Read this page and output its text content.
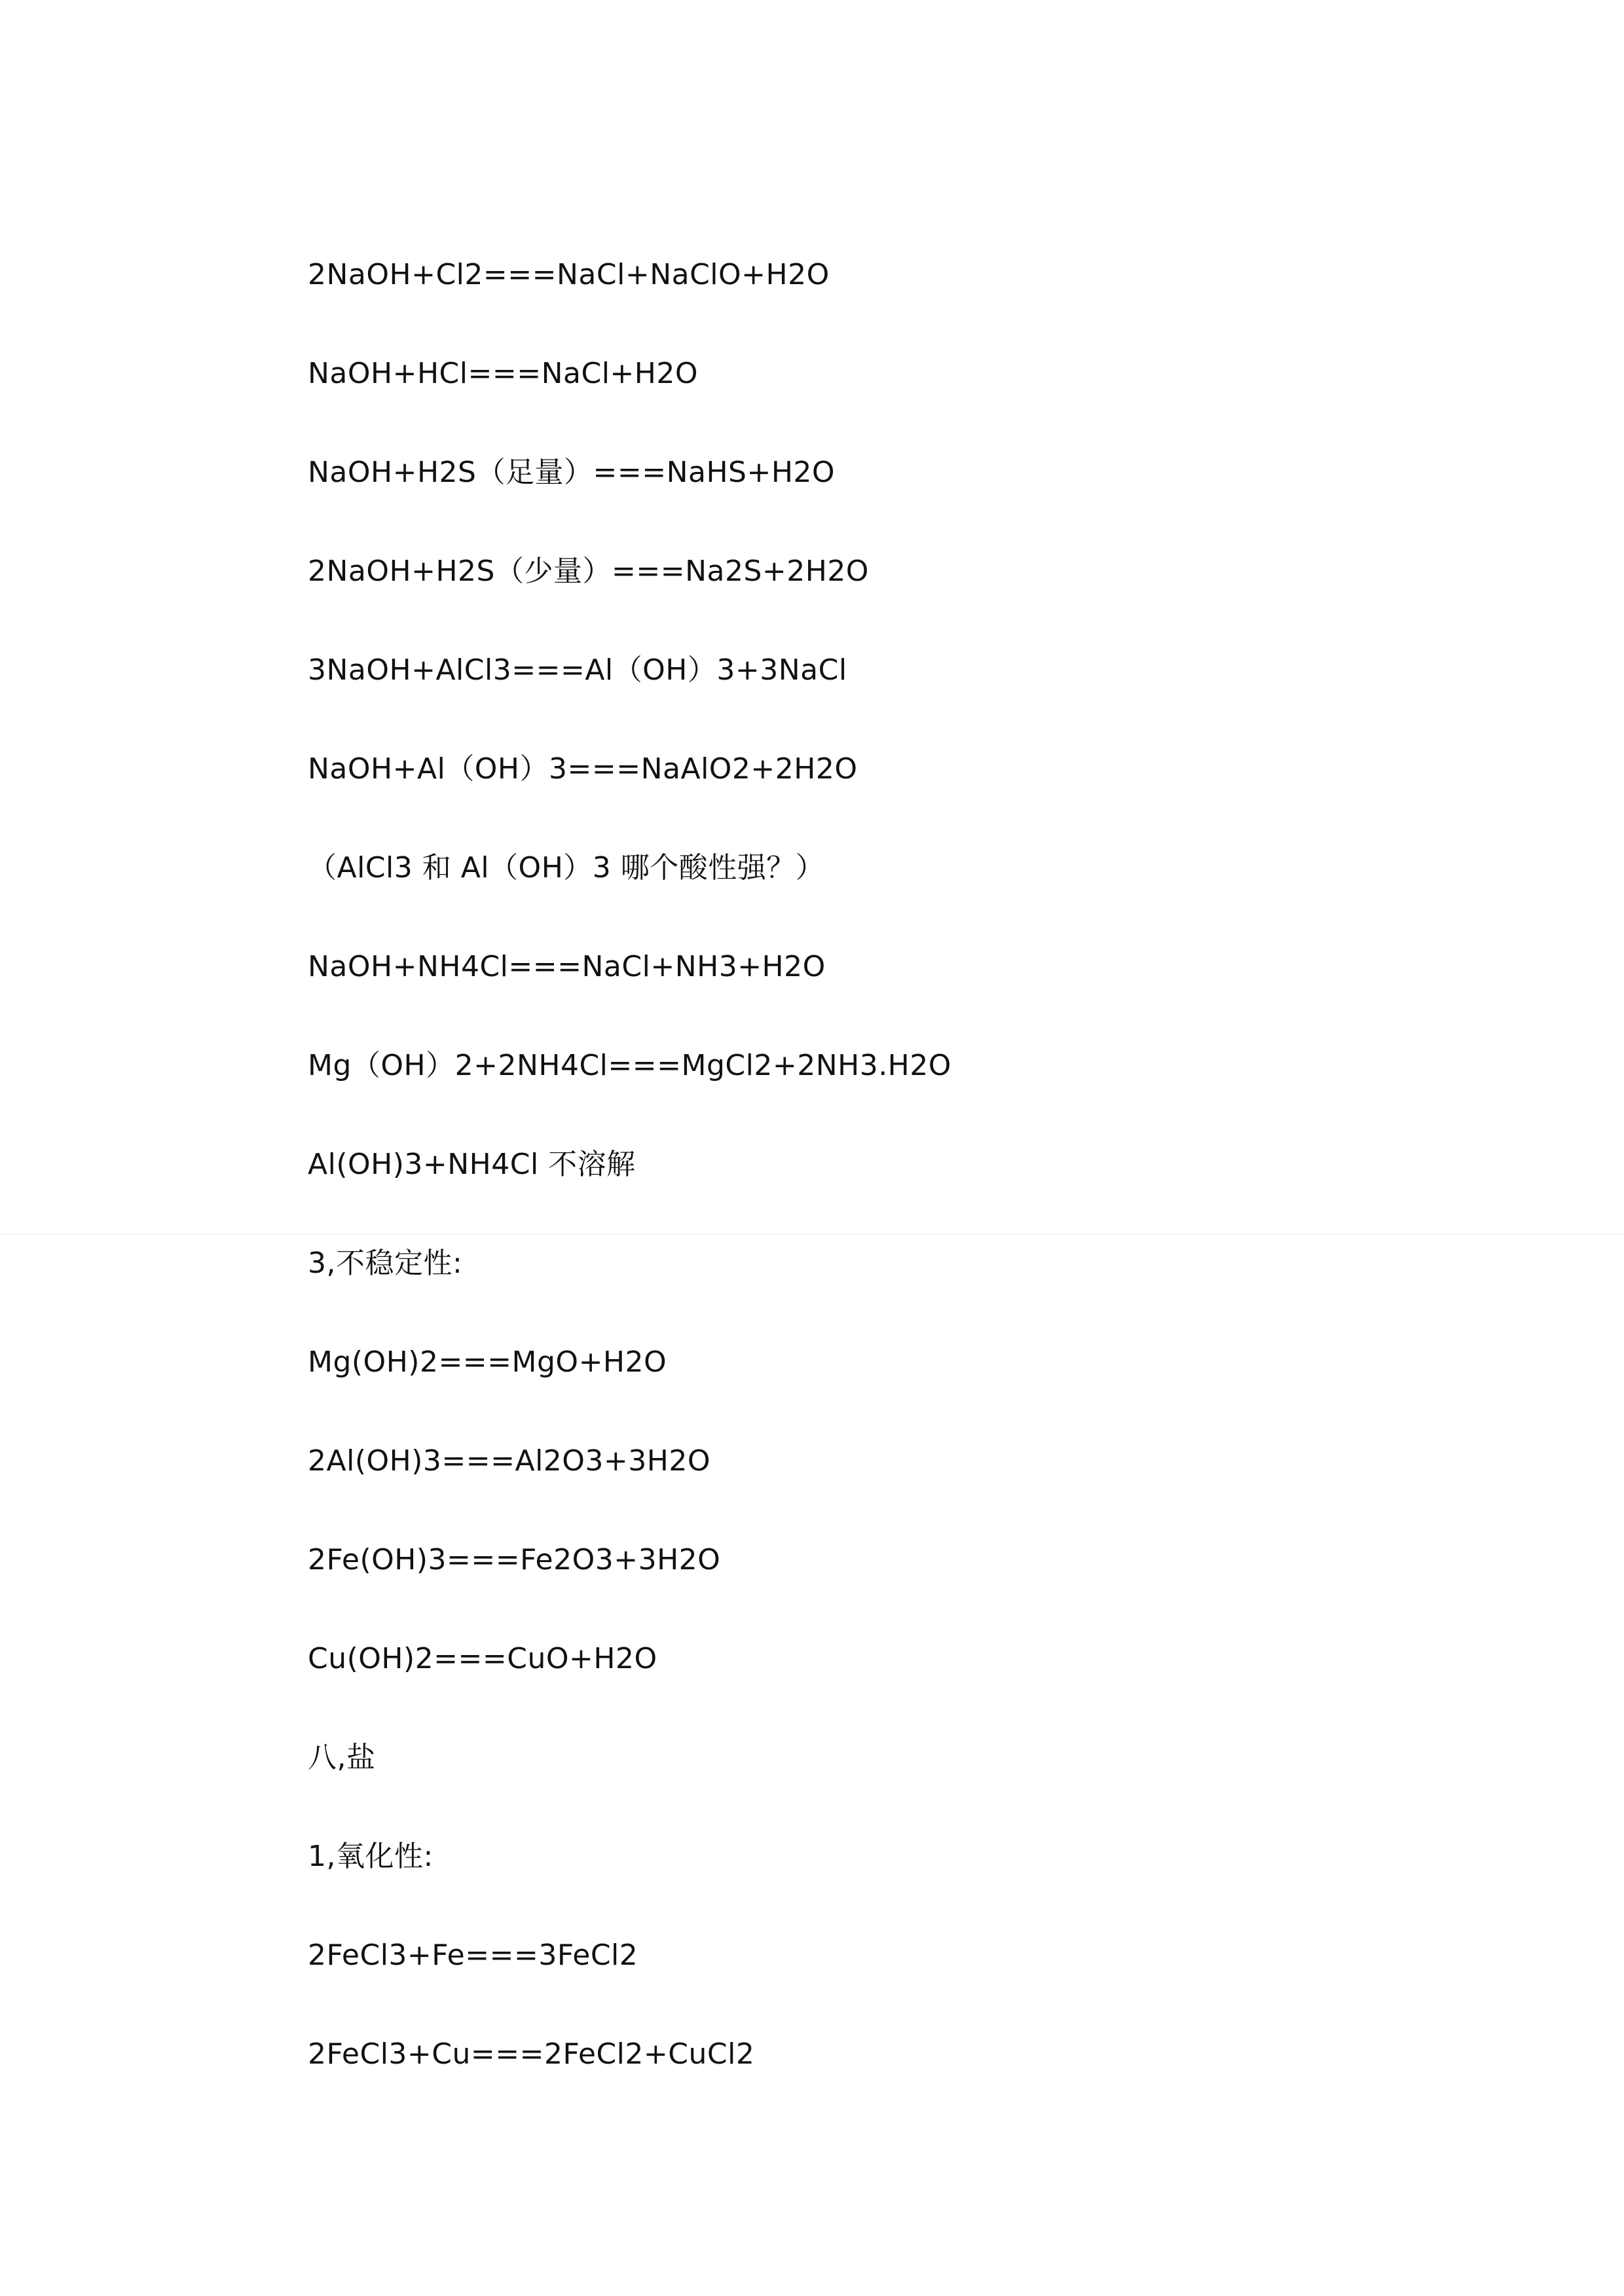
2NaOH+Cl2===NaCl+NaClO+H2O
NaOH+HCl===NaCl+H2O
NaOH+H2S（足量）===NaHS+H2O
2NaOH+H2S（少量）===Na2S+2H2O
3NaOH+AlCl3===Al（OH）3+3NaCl
NaOH+Al（OH）3===NaAlO2+2H2O
（AlCl3 和 Al（OH）3 哪个酸性强？）
NaOH+NH4Cl===NaCl+NH3+H2O
Mg（OH）2+2NH4Cl===MgCl2+2NH3.H2O
Al(OH)3+NH4Cl 不溶解
3,不稳定性:
Mg(OH)2===MgO+H2O
2Al(OH)3===Al2O3+3H2O
2Fe(OH)3===Fe2O3+3H2O
Cu(OH)2===CuO+H2O
八,盐
1,氧化性:
2FeCl3+Fe===3FeCl2
2FeCl3+Cu===2FeCl2+CuCl2
